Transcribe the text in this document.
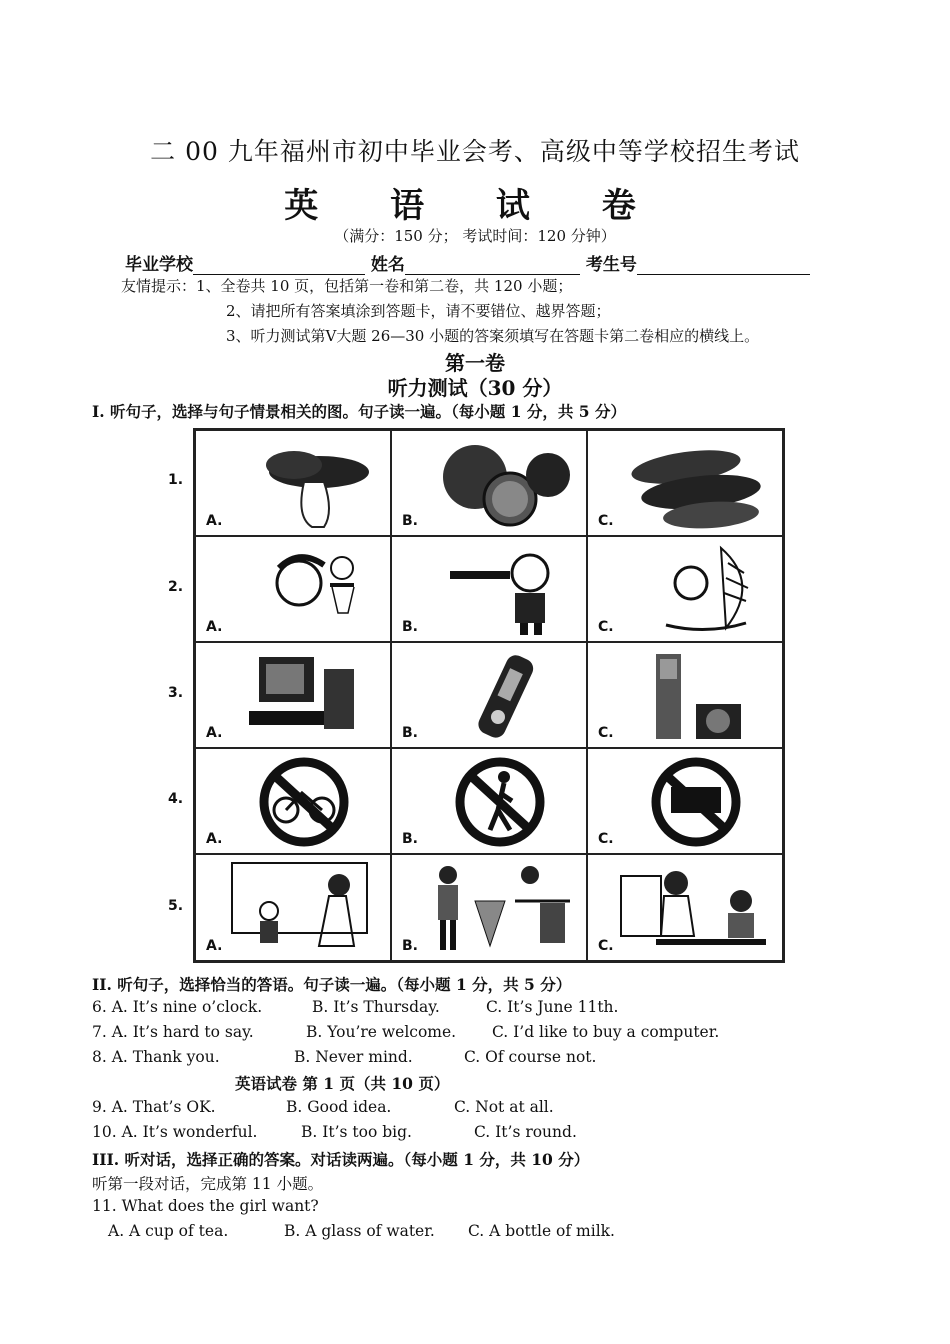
二 00 九年福州市初中毕业会考、高级中等学校招生考试
英 语 试 卷
（满分：150 分； 考试时间：120 分钟）
毕业学校	姓名	考生号
友情提示：1、全卷共 10 页，包括第一卷和第二卷，共 120 小题；
2、请把所有答案填涂到答题卡，请不要错位、越界答题；
3、听力测试第Ⅴ大题 26—30 小题的答案须填写在答题卡第二卷相应的横线上。
第一卷
听力测试（30 分）
I. 听句子，选择与句子情景相关的图。句子读一遍。（每小题 1 分，共 5 分）
1.
2.
3.
4.
5.
A.	B.	C.
A.	B.	C.
A.	B.	C.
A.	B.	C.
A.	B.	C.
II. 听句子，选择恰当的答语。句子读一遍。（每小题 1 分，共 5 分）
6. A. It’s nine o’clock.	B. It’s Thursday.	C. It’s June 11th.
7. A. It’s hard to say.	B. You’re welcome. C. I’d like to buy a computer.
8. A. Thank you.	B. Never mind.	C. Of course not.
英语试卷 第 1 页（共 10 页）
9. A. That’s OK.	B. Good idea.	C. Not at all.
10. A. It’s wonderful.	B. It’s too big.	C. It’s round.
III. 听对话，选择正确的答案。对话读两遍。（每小题 1 分，共 10 分）
听第一段对话，完成第 11 小题。
11. What does the girl want?
A. A cup of tea.	B. A glass of water. C. A bottle of milk.
